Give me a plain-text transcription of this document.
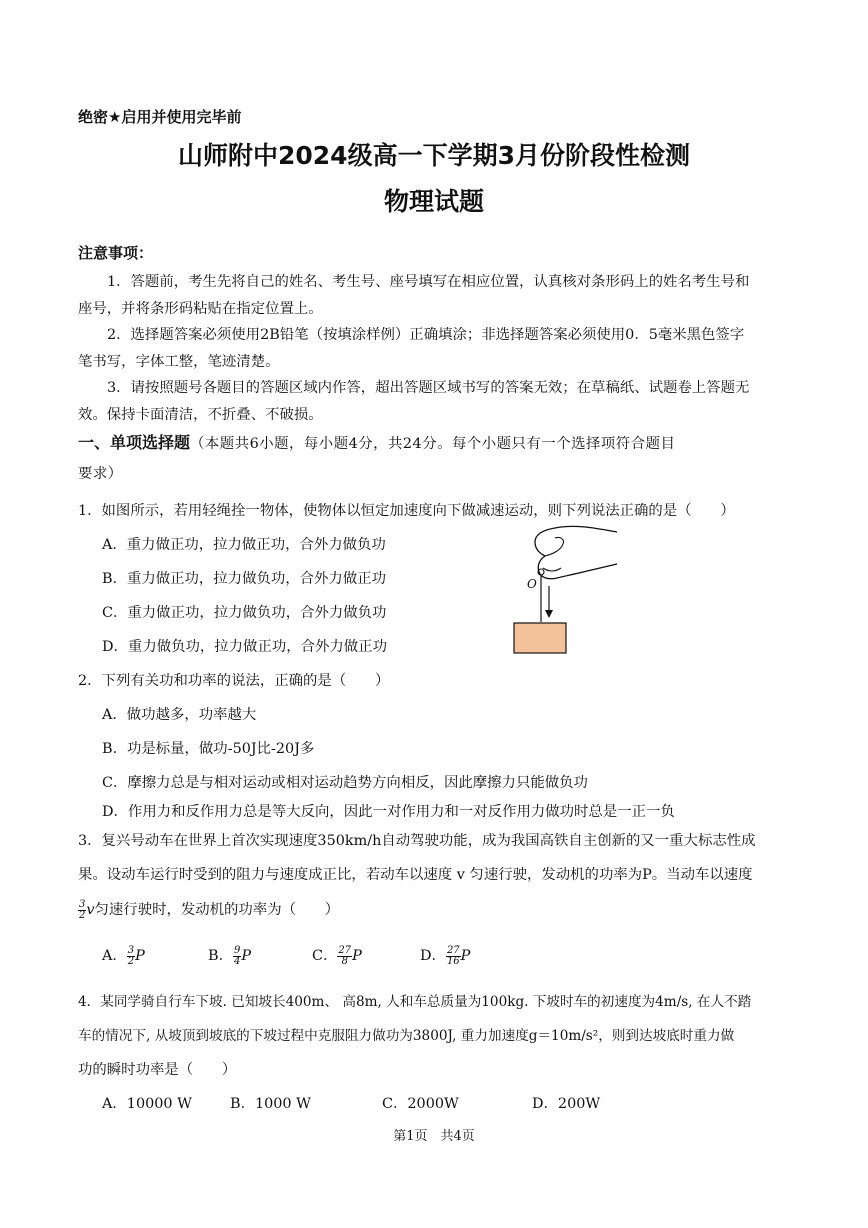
绝密★启用并使用完毕前
山师附中2024级高一下学期3月份阶段性检测
物理试题
注意事项：
1．答题前，考生先将自己的姓名、考生号、座号填写在相应位置，认真核对条形码上的姓名考生号和
座号，并将条形码粘贴在指定位置上。
2．选择题答案必须使用2B铅笔（按填涂样例）正确填涂；非选择题答案必须使用0．5毫米黑色签字
笔书写，字体工整，笔迹清楚。
3．请按照题号各题目的答题区域内作答，超出答题区域书写的答案无效；在草稿纸、试题卷上答题无
效。保持卡面清洁，不折叠、不破损。
一、单项选择题（本题共6小题，每小题4分，共24分。每个小题只有一个选择项符合题目
要求）
1．如图所示，若用轻绳拴一物体，使物体以恒定加速度向下做减速运动，则下列说法正确的是（　　）
A．重力做正功，拉力做正功，合外力做负功
B．重力做正功，拉力做负功，合外力做正功
C．重力做正功，拉力做负功，合外力做负功
D．重力做负功，拉力做正功，合外力做正功
O
2．下列有关功和功率的说法，正确的是（　　）
A．做功越多，功率越大
B．功是标量，做功-50J比-20J多
C．摩擦力总是与相对运动或相对运动趋势方向相反，因此摩擦力只能做负功
D．作用力和反作用力总是等大反向，因此一对作用力和一对反作用力做功时总是一正一负
3．复兴号动车在世界上首次实现速度350km/h自动驾驶功能，成为我国高铁自主创新的又一重大标志性成
果。设动车运行时受到的阻力与速度成正比，若动车以速度 v 匀速行驶，发动机的功率为P。当动车以速度
$\frac{3}{2}$ v匀速行驶时，发动机的功率为（　　）
A． $\frac{3}{2}$ P	B． $\frac{9}{4}$ P	C． $\frac{27}{8}$ P	D． $\frac{27}{16}$ P
4．某同学骑自行车下坡. 已知坡长400m、 高8m, 人和车总质量为100kg. 下坡时车的初速度为4m/s, 在人不踏
车的情况下, 从坡顶到坡底的下坡过程中克服阻力做功为3800J, 重力加速度g＝10m/s²，则到达坡底时重力做
功的瞬时功率是（　　）
A．10000 W	B．1000 W	C．2000W	D．200W
第1页　共4页
